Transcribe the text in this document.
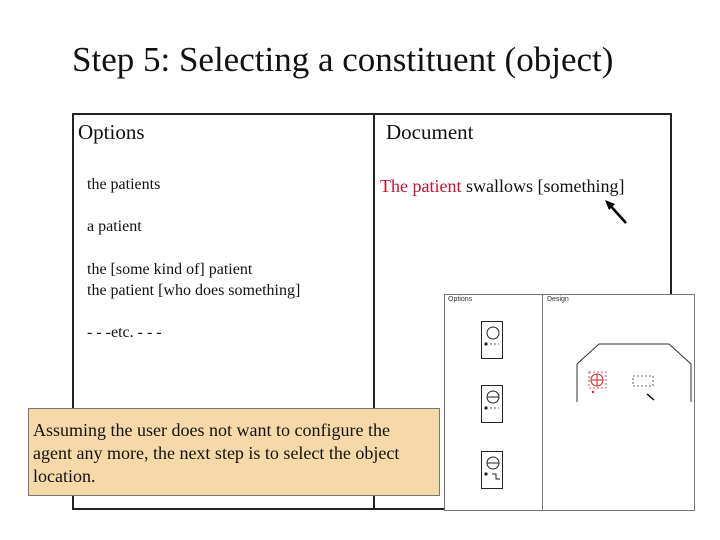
Step 5: Selecting a constituent (object)
Options	Document
the patients
a patient
the [some kind of] patient
the patient [who does something]
- - -etc. - - -
The patient swallows [something]
Options	Design
Assuming the user does not want to configure the agent any more, the next step is to select the object location.
